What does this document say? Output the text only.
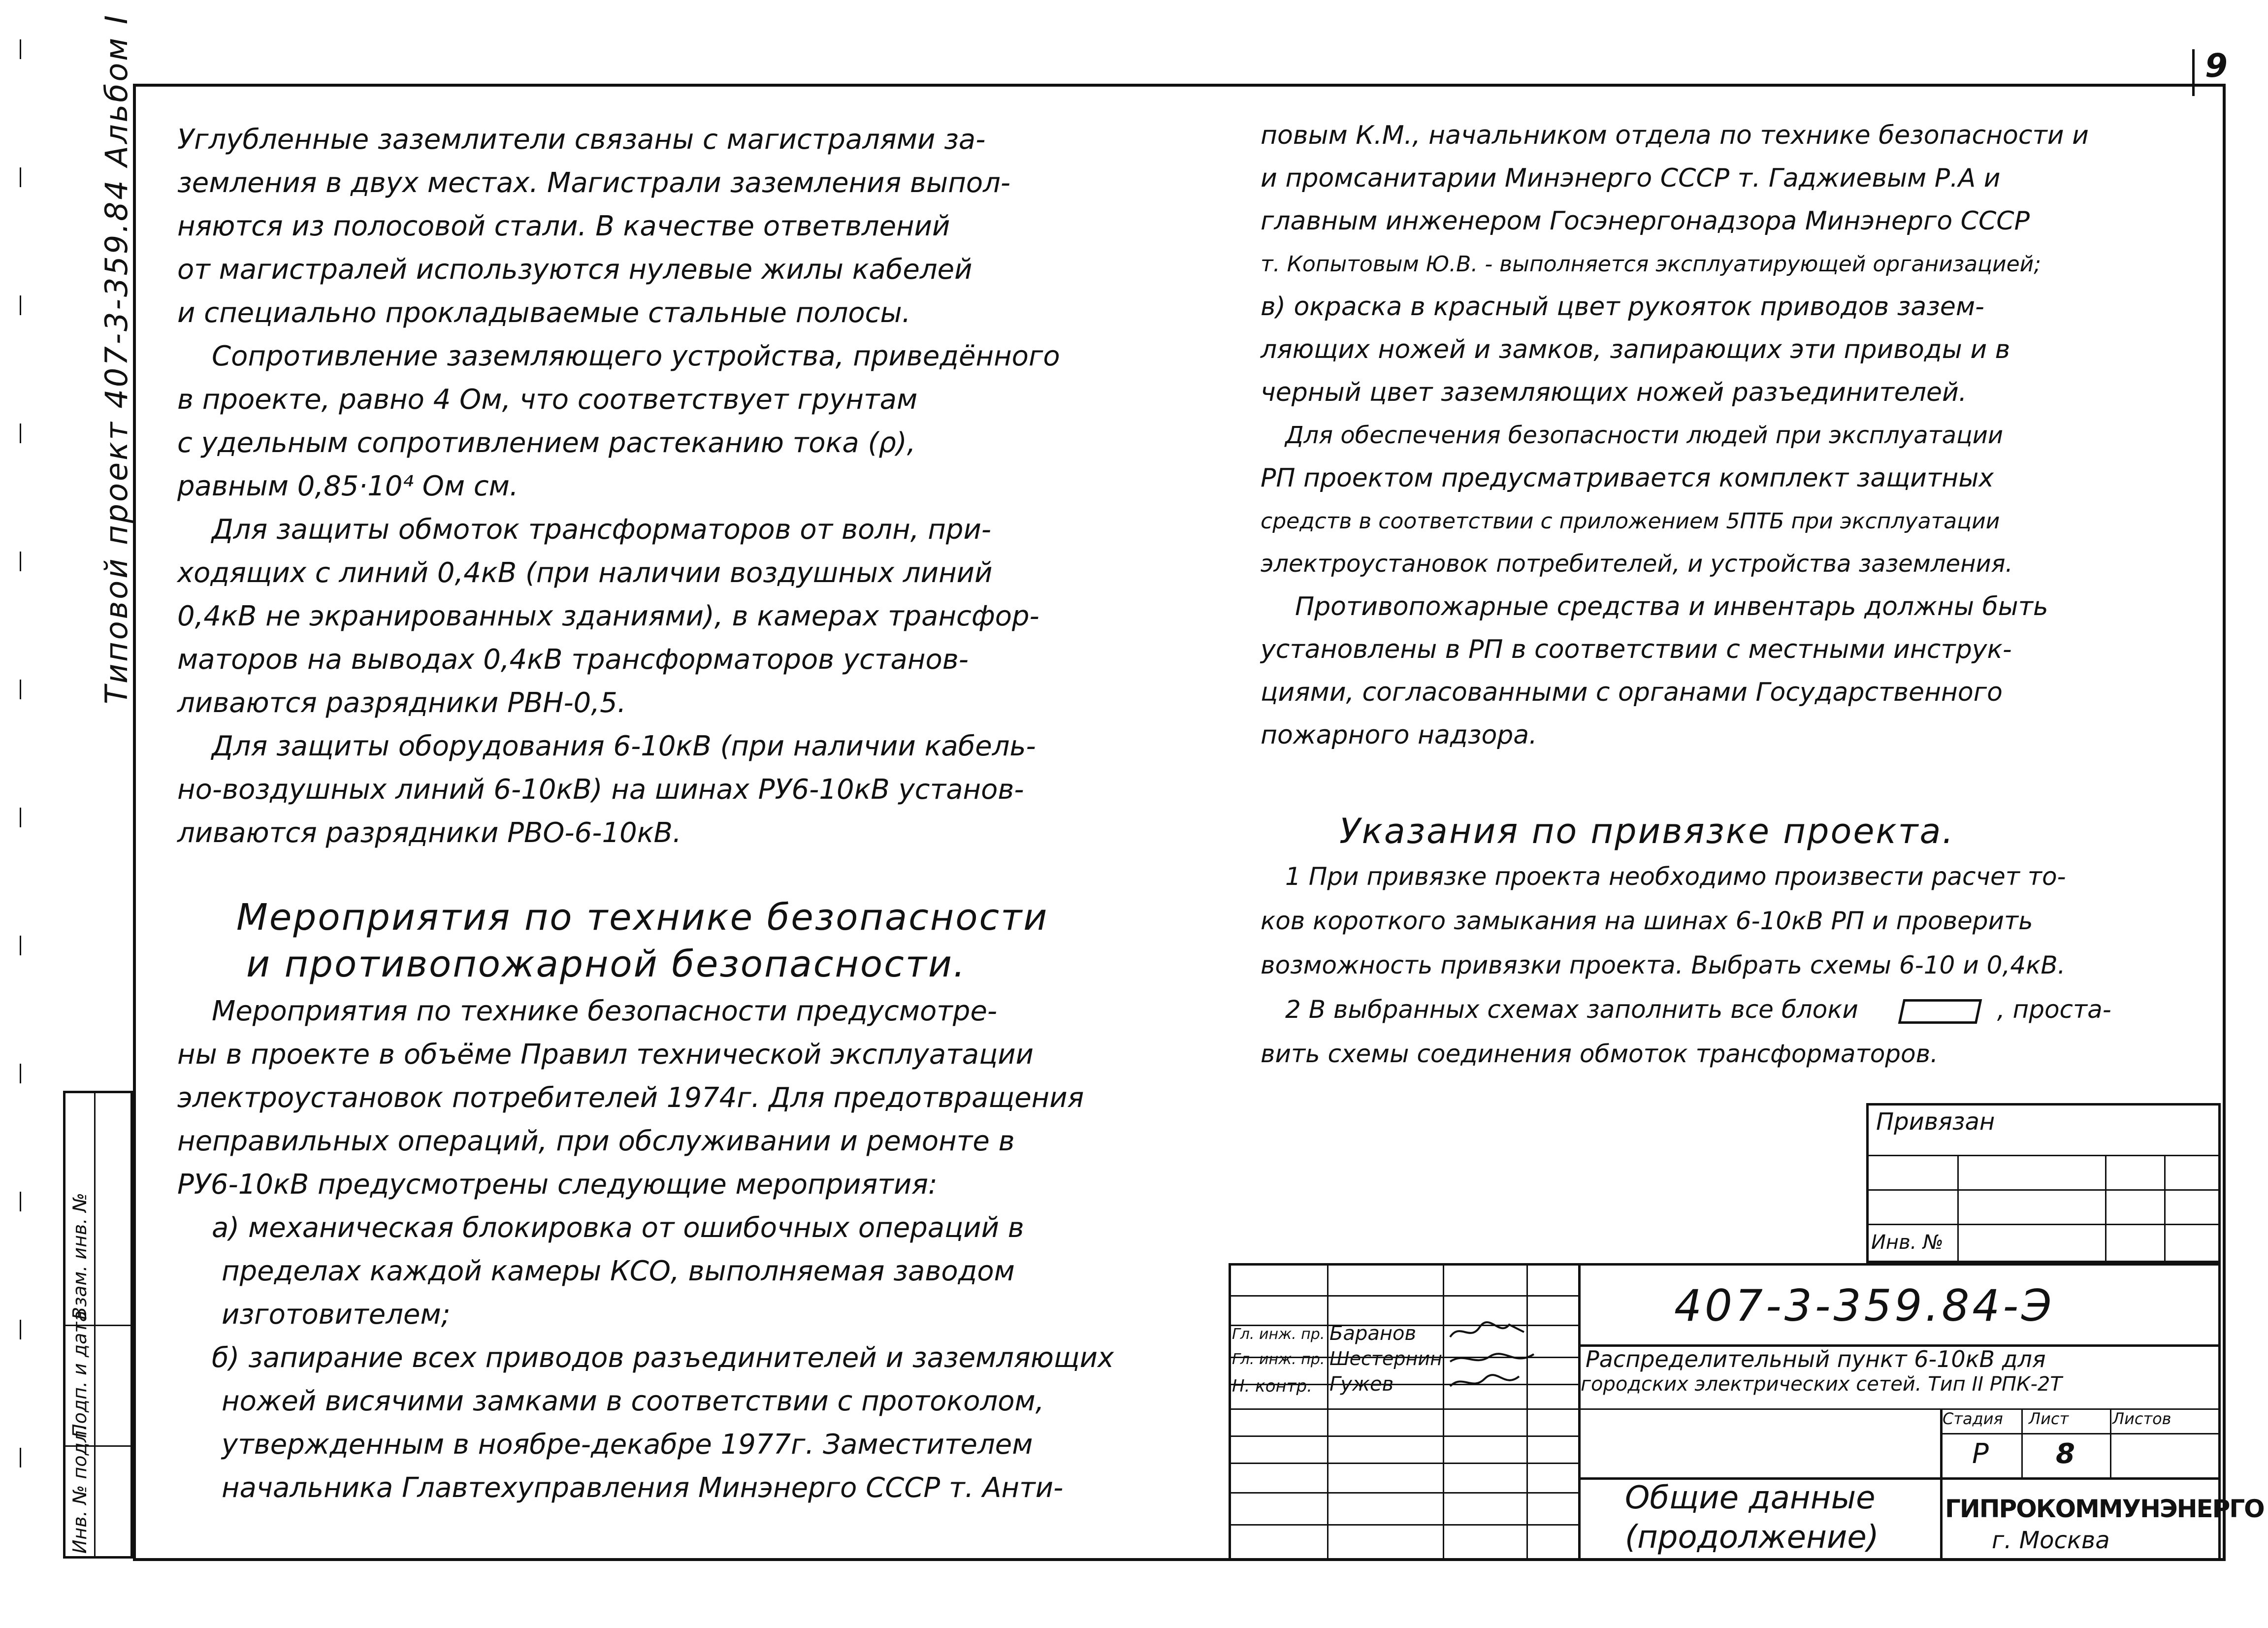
9
Типовой проект 407-3-359.84 Альбом I
Инв. № подл.
Подп. и дата
Взам. инв. №

Углубленные заземлители связаны с магистралями за-

земления в двух местах. Магистрали заземления выпол-

няются из полосовой стали. В качестве ответвлений

от магистралей используются нулевые жилы кабелей

и специально прокладываемые стальные полосы.

Сопротивление заземляющего устройства, приведённого

в проекте, равно 4 Ом, что соответствует грунтам

с удельным сопротивлением растеканию тока (ρ),

равным 0,85·10⁴ Ом см.

Для защиты обмоток трансформаторов от волн, при-

ходящих с линий 0,4кВ (при наличии воздушных линий

0,4кВ не экранированных зданиями), в камерах трансфор-

маторов на выводах 0,4кВ трансформаторов установ-

ливаются разрядники РВН-0,5.

Для защиты оборудования 6-10кВ (при наличии кабель-

но-воздушных линий 6-10кВ) на шинах РУ6-10кВ установ-

ливаются разрядники РВО-6-10кВ.

Мероприятия по технике безопасности
и противопожарной безопасности.

Мероприятия по технике безопасности предусмотре-

ны в проекте в объёме Правил технической эксплуатации

электроустановок потребителей 1974г. Для предотвращения

неправильных операций, при обслуживании и ремонте в

РУ6-10кВ предусмотрены следующие мероприятия:

а) механическая блокировка от ошибочных операций в

пределах каждой камеры КСО, выполняемая заводом

изготовителем;

б) запирание всех приводов разъединителей и заземляющих

ножей висячими замками в соответствии с протоколом,

утвержденным в ноябре-декабре 1977г. Заместителем

начальника Главтехуправления Минэнерго СССР т. Анти-

повым К.М., начальником отдела по технике безопасности и

и промсанитарии Минэнерго СССР т. Гаджиевым Р.А и

главным инженером Госэнергонадзора Минэнерго СССР

т. Копытовым Ю.В. - выполняется эксплуатирующей организацией;

в) окраска в красный цвет рукояток приводов зазем-

ляющих ножей и замков, запирающих эти приводы и в

черный цвет заземляющих ножей разъединителей.

Для обеспечения безопасности людей при эксплуатации

РП проектом предусматривается комплект защитных

средств в соответствии с приложением 5ПТБ при эксплуатации

электроустановок потребителей, и устройства заземления.

Противопожарные средства и инвентарь должны быть

установлены в РП в соответствии с местными инструк-

циями, согласованными с органами Государственного

пожарного надзора.

Указания по привязке проекта.

1 При привязке проекта необходимо произвести расчет то-

ков короткого замыкания на шинах 6-10кВ РП и проверить

возможность привязки проекта. Выбрать схемы 6-10 и 0,4кВ.

2 В выбранных схемах заполнить все блоки	, проста-

вить схемы соединения обмоток трансформаторов.

Привязан
Инв. №
407-3-359.84-Э
Гл. инж. пр.
Гл. инж. пр.
Н. контр.
Баранов
Шестернин
Гужев
Распределительный пункт 6-10кВ для
городских электрических сетей. Тип II РПК-2Т
Стадия Лист	Листов
Р 8
Общие данные
(продолжение)
ГИПРОКОММУНЭНЕРГО
г. Москва
